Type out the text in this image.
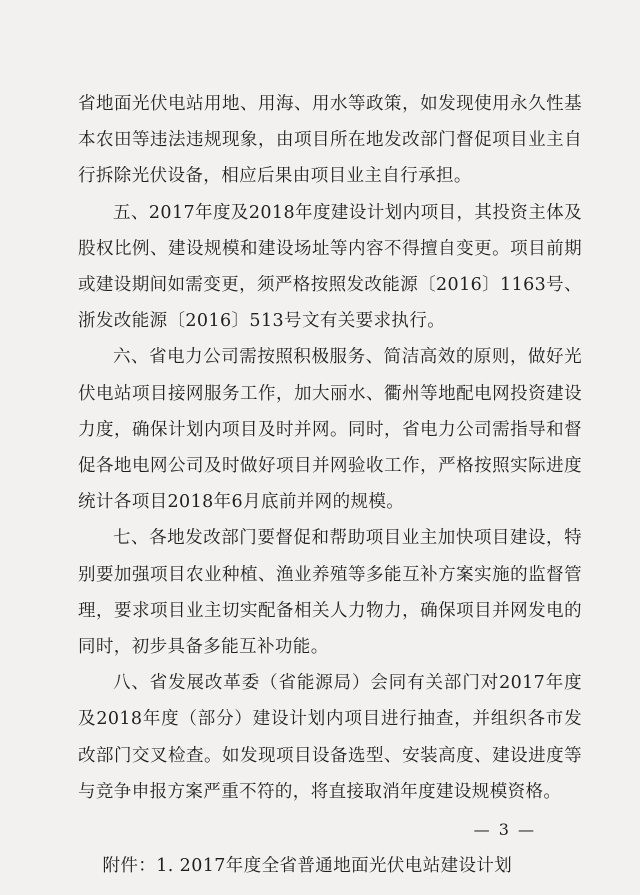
省地面光伏电站用地、用海、用水等政策，如发现使用永久性基本农田等违法违规现象，由项目所在地发改部门督促项目业主自行拆除光伏设备，相应后果由项目业主自行承担。

五、2017年度及2018年度建设计划内项目，其投资主体及股权比例、建设规模和建设场址等内容不得擅自变更。项目前期或建设期间如需变更，须严格按照发改能源〔2016〕1163号、浙发改能源〔2016〕513号文有关要求执行。

六、省电力公司需按照积极服务、简洁高效的原则，做好光伏电站项目接网服务工作，加大丽水、衢州等地配电网投资建设力度，确保计划内项目及时并网。同时，省电力公司需指导和督促各地电网公司及时做好项目并网验收工作，严格按照实际进度统计各项目2018年6月底前并网的规模。

七、各地发改部门要督促和帮助项目业主加快项目建设，特别要加强项目农业种植、渔业养殖等多能互补方案实施的监督管理，要求项目业主切实配备相关人力物力，确保项目并网发电的同时，初步具备多能互补功能。

八、省发展改革委（省能源局）会同有关部门对2017年度及2018年度（部分）建设计划内项目进行抽查，并组织各市发改部门交叉检查。如发现项目设备选型、安装高度、建设进度等与竞争申报方案严重不符的，将直接取消年度建设规模资格。

附件：1. 2017年度全省普通地面光伏电站建设计划

— 3 —
